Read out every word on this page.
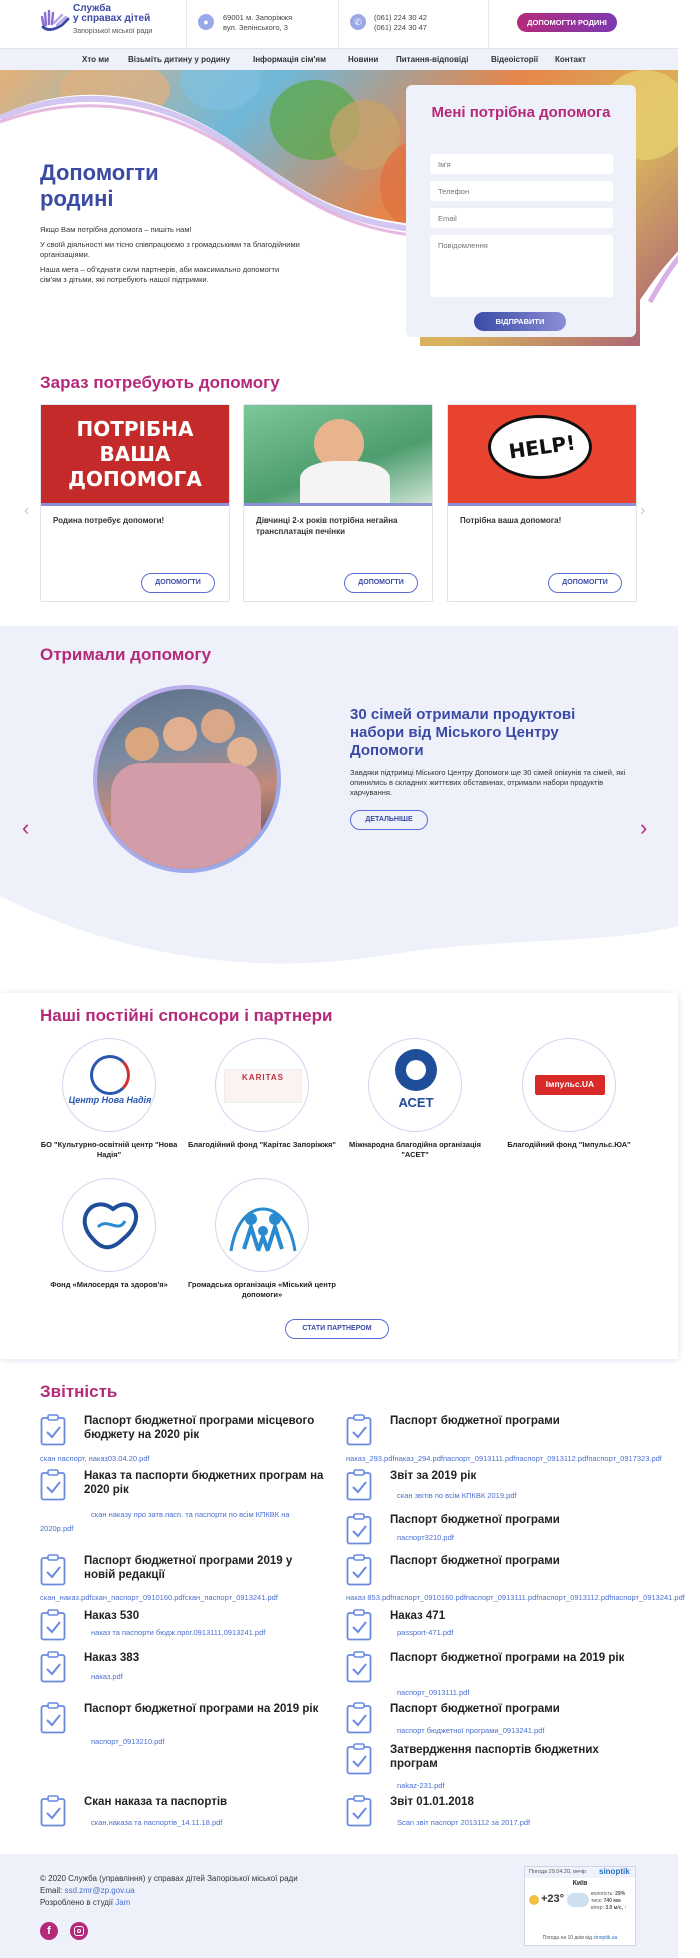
Служба
у справах дітей
Запорізької міської ради
●	69001 м. Запоріжжя
вул. Зелінського, 3
✆	(061) 224 30 42
(061) 224 30 47
ДОПОМОГТИ РОДИНІ
Хто ми Візьміть дитину у родину	Інформація сім'ям	Новини Питання-відповіді	Відеоісторії Контакт
Допомогти
родині
Якщо Вам потрібна допомога – пишіть нам!
У своїй діяльності ми тісно співпрацюємо з громадськими та благодійними організаціями.
Наша мета – об'єднати сили партнерів, аби максимально допомогти сім'ям з дітьми, які потребують нашої підтримки.
Мені потрібна допомога
Ім'я
Телефон
Email
Повідомлення
ВІДПРАВИТИ
Зараз потребують допомогу
‹	›
ПОТРІБНА ВАША ДОПОМОГА
Родина потребує допомоги!
ДОПОМОГТИ
Дівчинці 2-х років потрібна негайна трансплатація печінки
ДОПОМОГТИ
HELP!
Потрібна ваша допомога!
ДОПОМОГТИ
Отримали допомогу
30 сімей отримали продуктові набори від Міського Центру Допомоги
Завдяки підтримці Міського Центру Допомоги ще 30 сімей опікунів та сімей, які опинились в складних життєвих обставинах, отримали набори продуктів харчування.
ДЕТАЛЬНІШЕ
‹	›
Наші постійні спонсори і партнери
Центр Нова Надія
БО "Культурно-освітній центр "Нова Надія"
KARITAS
Благодійний фонд "Карітас Запоріжжя"
АСЕТ
Міжнародна благодійна організація "АСЕТ"
Імпульс.UA
Благодійний фонд "Імпульс.ЮА"
Фонд «Милосердя та здоров'я»	Громадська організація «Міський центр допомоги»
СТАТИ ПАРТНЕРОМ
Звітність
Паспорт бюджетної програми місцевого бюджету на 2020 рік
скан паспорт, наказ03.04.20.pdf
Наказ та паспорти бюджетних програм на 2020 рік
скан наказу про затв.пасп. та паспорти по всім КПКВК на 2020р.pdf
Паспорт бюджетної програми 2019 у новій редакції
скан_наказ.pdfскан_паспорт_0910160.pdfскан_паспорт_0913241.pdf
Наказ 530
наказ та паспорти бюдж.прог.0913111,0913241.pdf
Наказ 383
наказ.pdf
Паспорт бюджетної програми на 2019 рік
паспорт_0913210.pdf
Скан наказа та паспортів
скан.наказа та паспортів_14.11.18.pdf
Паспорт бюджетної програми
наказ_293.pdfнаказ_294.pdfпаспорт_0913111.pdfпаспорт_0913112.pdfпаспорт_0917323.pdf
Звіт за 2019 рік
скан звітів по всім КПКВК 2019.pdf
Паспорт бюджетної програми
паспорт3210.pdf
Паспорт бюджетної програми
наказ 853.pdfпаспорт_0910160.pdfпаспорт_0913111.pdfпаспорт_0913112.pdfпаспорт_0913241.pdf
Наказ 471
passport-471.pdf
Паспорт бюджетної програми на 2019 рік
паспорт_0913111.pdf
Паспорт бюджетної програми
паспорт бюджетної програми_0913241.pdf
Затвердження паспортів бюджетних програм
nakaz-231.pdf
Звіт 01.01.2018
Scan звіт паспорт 2013112 за 2017.pdf
© 2020 Служба (управління) у справах дітей Запорізької міської ради
Email: ssd.zmr@zp.gov.ua
Розроблено в студії Jam
f
Погода 29.04.20, вечір sinoptik
Київ
+23°	вологість: 29%
тиск: 740 мм
вітер: 3.0 м/с, ↑
Погода на 10 днів від sinoptik.ua
